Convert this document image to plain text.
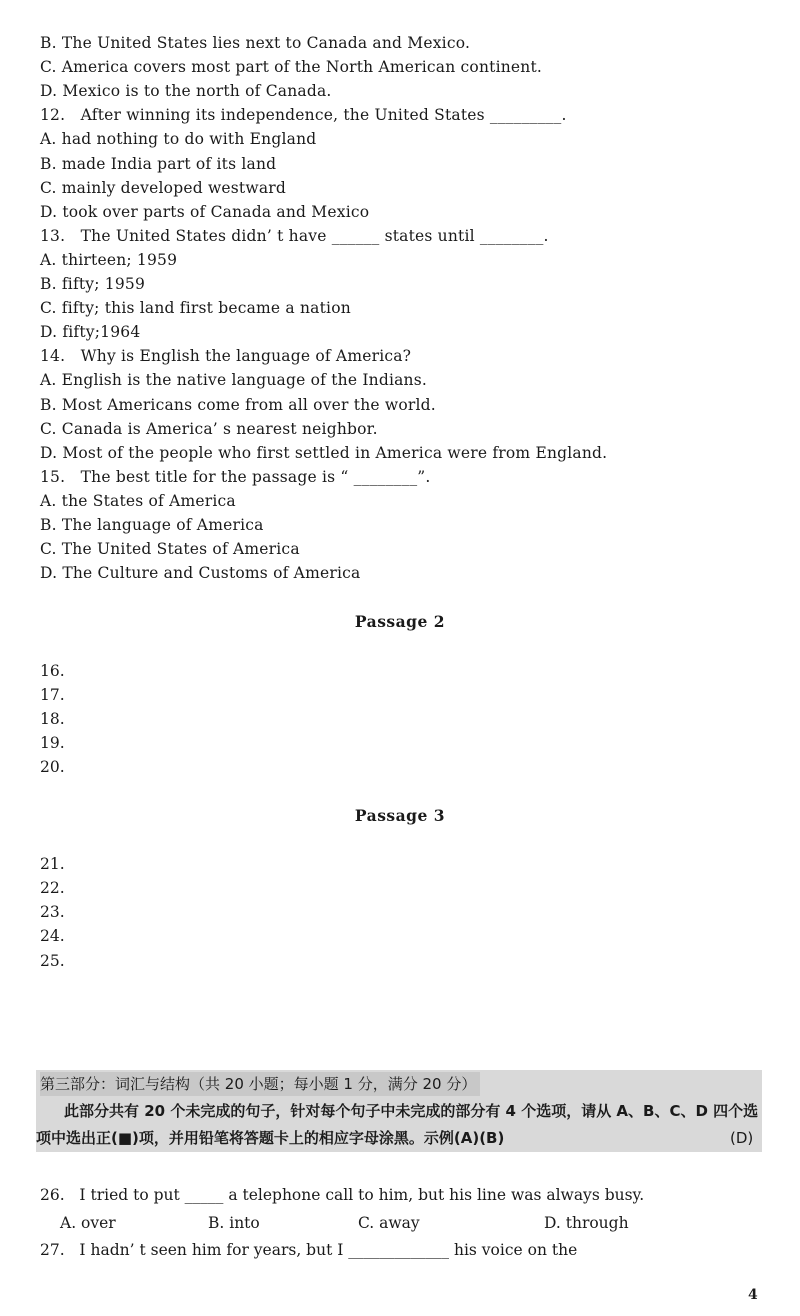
B. The United States lies next to Canada and Mexico.
C. America covers most part of the North American continent.
D. Mexico is to the north of Canada.
12.   After winning its independence, the United States _________.
A. had nothing to do with England
B. made India part of its land
C. mainly developed westward
D. took over parts of Canada and Mexico
13.   The United States didn’ t have ______ states until ________.
A. thirteen; 1959
B. fifty; 1959
C. fifty; this land first became a nation
D. fifty;1964
14.   Why is English the language of America?
A. English is the native language of the Indians.
B. Most Americans come from all over the world.
C. Canada is America’ s nearest neighbor.
D. Most of the people who first settled in America were from England.
15.   The best title for the passage is “ ________”.
A. the States of America
B. The language of America
C. The United States of America
D. The Culture and Customs of America
Passage 2
16.
17.
18.
19.
20.
Passage 3
21.
22.
23.
24.
25.
第三部分：词汇与结构（共 20 小题；每小题 1 分，满分 20 分）
此部分共有 20 个未完成的句子，针对每个句子中未完成的部分有 4 个选项，请从 A、B、C、D 四个选项中选出正(■)项，并用铅笔将答题卡上的相应字母涂黑。示例(A)(B)	(D)
26.   I tried to put _____ a telephone call to him, but his line was always busy.
A. over	B. into	C. away	D. through
27.   I hadn’ t seen him for years, but I _____________ his voice on the
4
